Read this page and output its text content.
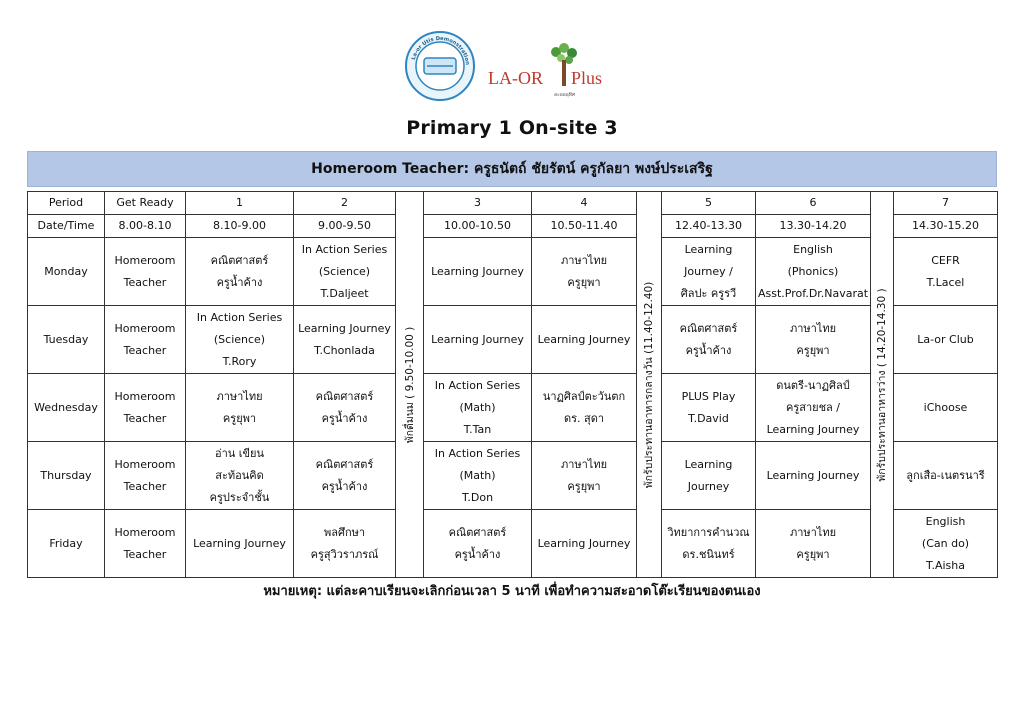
La-or Utis Demonstration
LA-OR Plus
ละอออุทิศ
Primary 1 On-site 3
Homeroom Teacher: ครูธนัตถ์ ชัยรัตน์ ครูกัลยา พงษ์ประเสริฐ
Period	Get Ready	1	2	พักดื่มนม ( 9.50-10.00 )	3	4	พักรับประทานอาหารกลางวัน (11.40-12.40)	5	6	พักรับประทานอาหารว่าง ( 14.20-14.30 )	7
Date/Time	8.00-8.10	8.10-9.00	9.00-9.50		10.00-10.50	10.50-11.40		12.40-13.30	13.30-14.20		14.30-15.20
Monday	Homeroom
Teacher	คณิตศาสตร์
ครูน้ำค้าง	In Action Series
(Science)
T.Daljeet		Learning Journey	ภาษาไทย
ครูยุพา		Learning
Journey /
ศิลปะ ครูรวี	English
(Phonics)
Asst.Prof.Dr.Navarat		CEFR
T.Lacel

Tuesday	Homeroom
Teacher	In Action Series
(Science)
T.Rory	Learning Journey
T.Chonlada		Learning Journey	Learning Journey		คณิตศาสตร์
ครูน้ำค้าง	ภาษาไทย
ครูยุพา		La-or Club

Wednesday	Homeroom
Teacher	ภาษาไทย
ครูยุพา	คณิตศาสตร์
ครูน้ำค้าง		In Action Series
(Math)
T.Tan	นาฏศิลป์ตะวันตก
ดร. สุดา		PLUS Play
T.David	ดนตรี-นาฏศิลป์
ครูสายชล /
Learning Journey		iChoose

Thursday	Homeroom
Teacher	อ่าน เขียน
สะท้อนคิด
ครูประจำชั้น	คณิตศาสตร์
ครูน้ำค้าง		In Action Series
(Math)
T.Don	ภาษาไทย
ครูยุพา		Learning
Journey	Learning Journey		ลูกเสือ-เนตรนารี

Friday	Homeroom
Teacher	Learning Journey	พลศึกษา
ครูสุวิวราภรณ์		คณิตศาสตร์
ครูน้ำค้าง	Learning Journey		วิทยาการคำนวณ
ดร.ชนินทร์	ภาษาไทย
ครูยุพา		English
(Can do)
T.Aisha
หมายเหตุ: แต่ละคาบเรียนจะเลิกก่อนเวลา 5 นาที เพื่อทำความสะอาดโต๊ะเรียนของตนเอง
